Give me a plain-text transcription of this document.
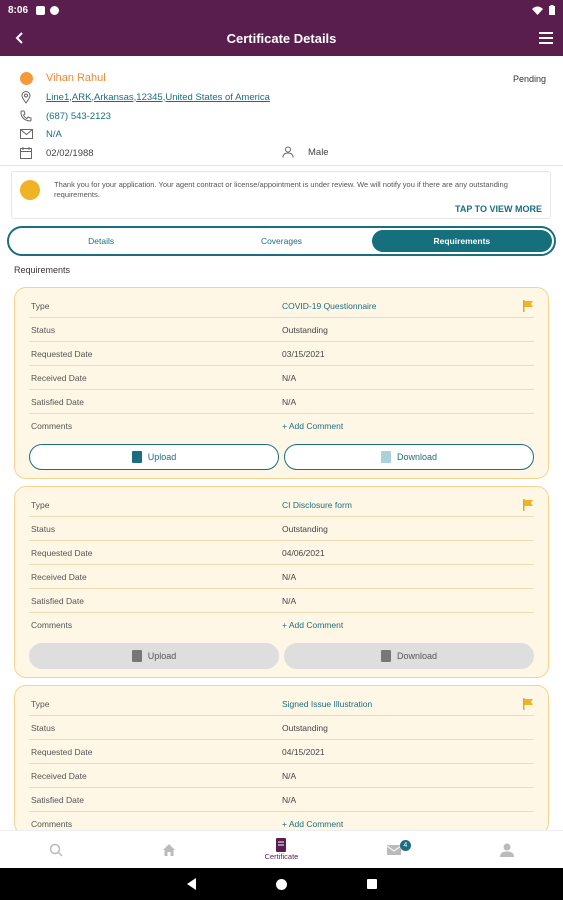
8:06
Certificate Details
Vihan Rahul	Pending
Line1,ARK,Arkansas,12345,United States of America
(687) 543-2123
N/A
02/02/1988	Male
Thank you for your application. Your agent contract or license/appointment is under review. We will notify you if there are any outstanding requirements.
TAP TO VIEW MORE
Details	Coverages	Requirements
Requirements
Type	COVID-19 Questionnaire
Status	Outstanding
Requested Date	03/15/2021
Received Date	N/A
Satisfied Date	N/A
Comments	+ Add Comment
Upload	Download
Type	CI Disclosure form
Status	Outstanding
Requested Date	04/06/2021
Received Date	N/A
Satisfied Date	N/A
Comments	+ Add Comment
Upload	Download
Type	Signed Issue Illustration
Status	Outstanding
Requested Date	04/15/2021
Received Date	N/A
Satisfied Date	N/A
Comments	+ Add Comment
Certificate
4
